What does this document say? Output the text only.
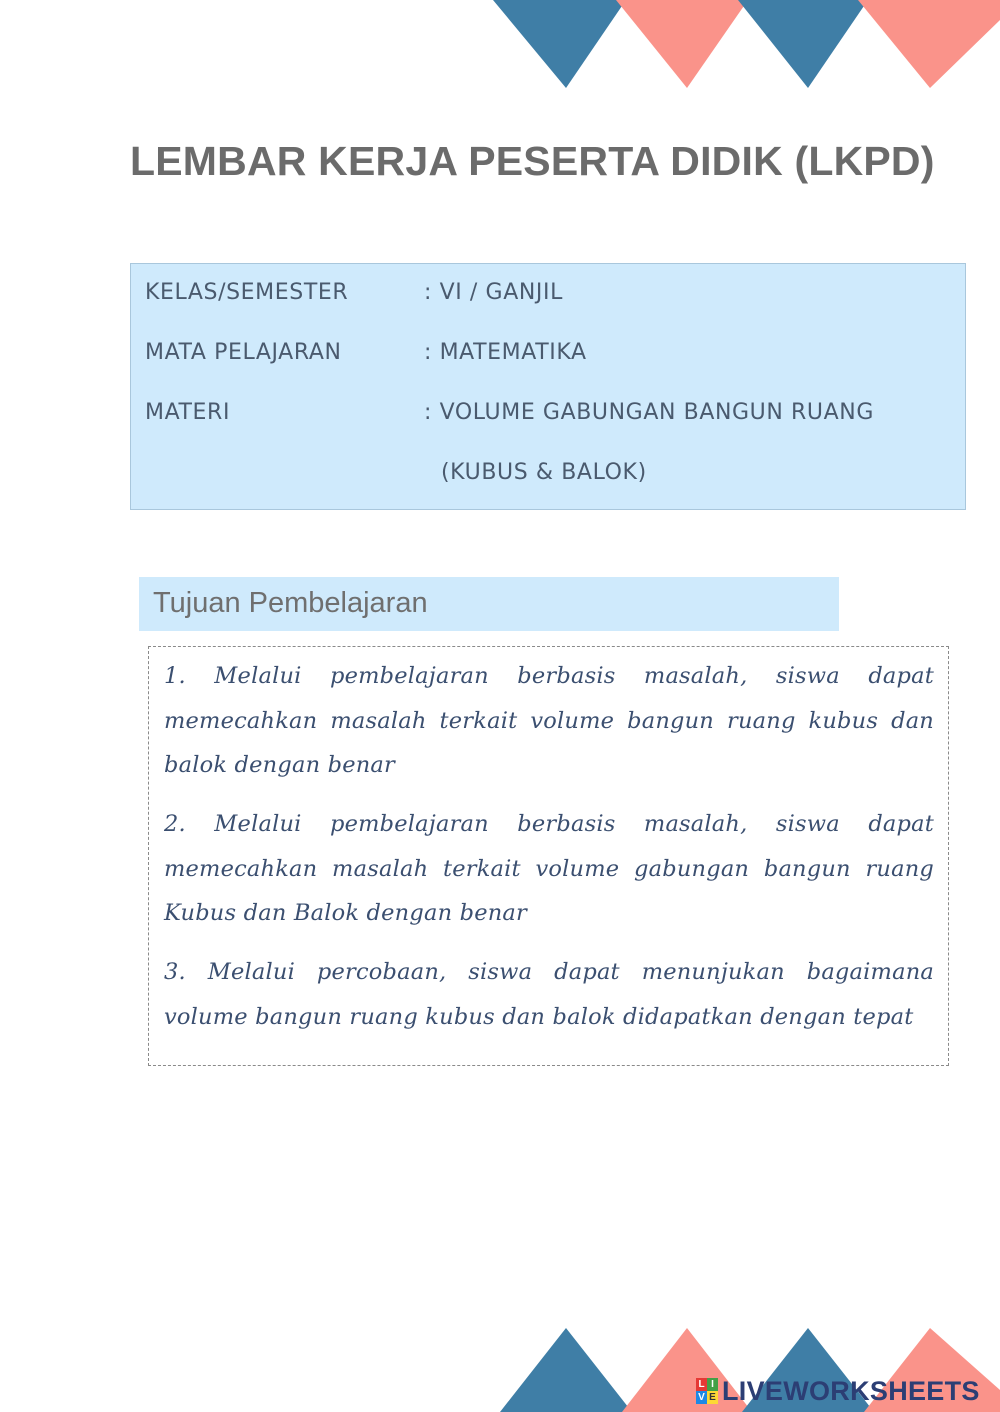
LEMBAR KERJA PESERTA DIDIK (LKPD)
KELAS/SEMESTER	: VI / GANJIL
MATA PELAJARAN	: MATEMATIKA
MATERI	: VOLUME GABUNGAN BANGUN RUANG
(KUBUS & BALOK)
Tujuan Pembelajaran
1. Melalui pembelajaran berbasis masalah, siswa dapat memecahkan masalah terkait volume bangun ruang kubus dan balok dengan benar
2. Melalui pembelajaran berbasis masalah, siswa dapat memecahkan masalah terkait volume gabungan bangun ruang Kubus dan Balok dengan benar
3. Melalui percobaan, siswa dapat menunjukan bagaimana volume bangun ruang kubus dan balok didapatkan dengan tepat
L I
V E LIVEWORKSHEETS
